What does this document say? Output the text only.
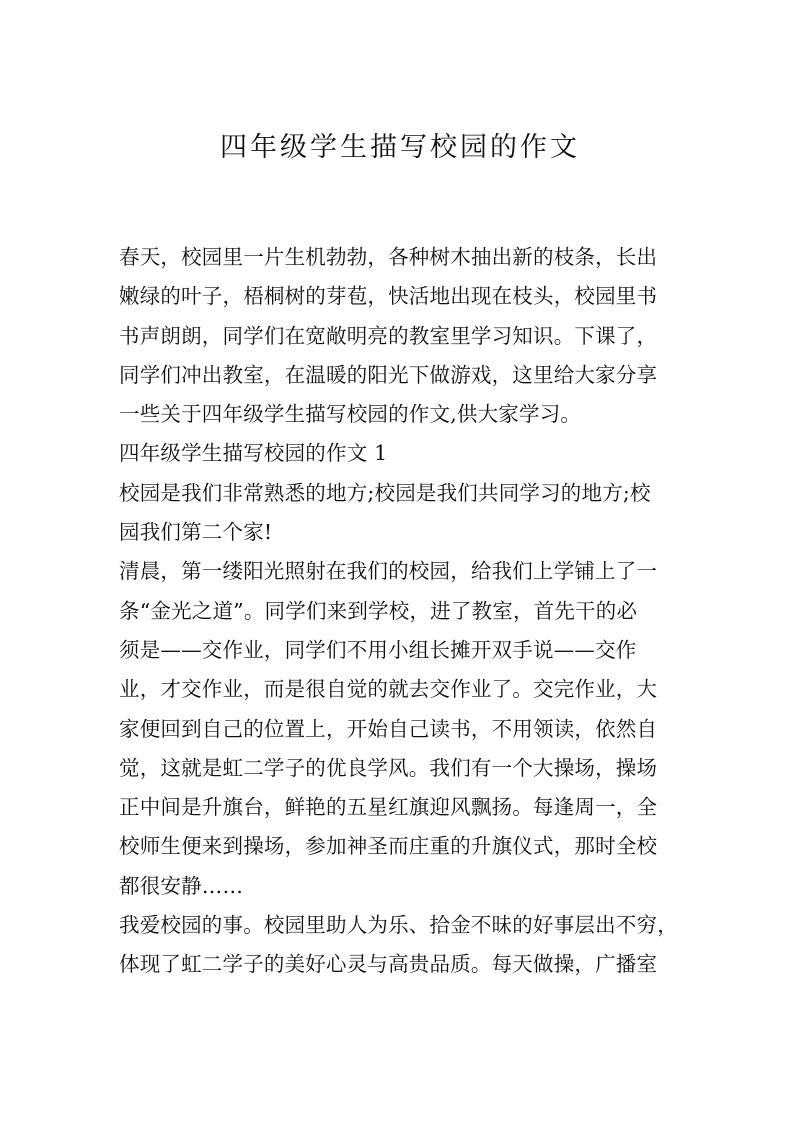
四年级学生描写校园的作文

春天，校园里一片生机勃勃，各种树木抽出新的枝条，长出

嫩绿的叶子，梧桐树的芽苞，快活地出现在枝头，校园里书

书声朗朗，同学们在宽敞明亮的教室里学习知识。下课了，

同学们冲出教室，在温暖的阳光下做游戏，这里给大家分享

一些关于四年级学生描写校园的作文,供大家学习。

四年级学生描写校园的作文 1

校园是我们非常熟悉的地方;校园是我们共同学习的地方;校

园我们第二个家!

清晨，第一缕阳光照射在我们的校园，给我们上学铺上了一

条“金光之道”。同学们来到学校，进了教室，首先干的必

须是——交作业，同学们不用小组长摊开双手说——交作

业，才交作业，而是很自觉的就去交作业了。交完作业，大

家便回到自己的位置上，开始自己读书，不用领读，依然自

觉，这就是虹二学子的优良学风。我们有一个大操场，操场

正中间是升旗台，鲜艳的五星红旗迎风飘扬。每逢周一，全

校师生便来到操场，参加神圣而庄重的升旗仪式，那时全校

都很安静……

我爱校园的事。校园里助人为乐、拾金不昧的好事层出不穷，

体现了虹二学子的美好心灵与高贵品质。每天做操，广播室
